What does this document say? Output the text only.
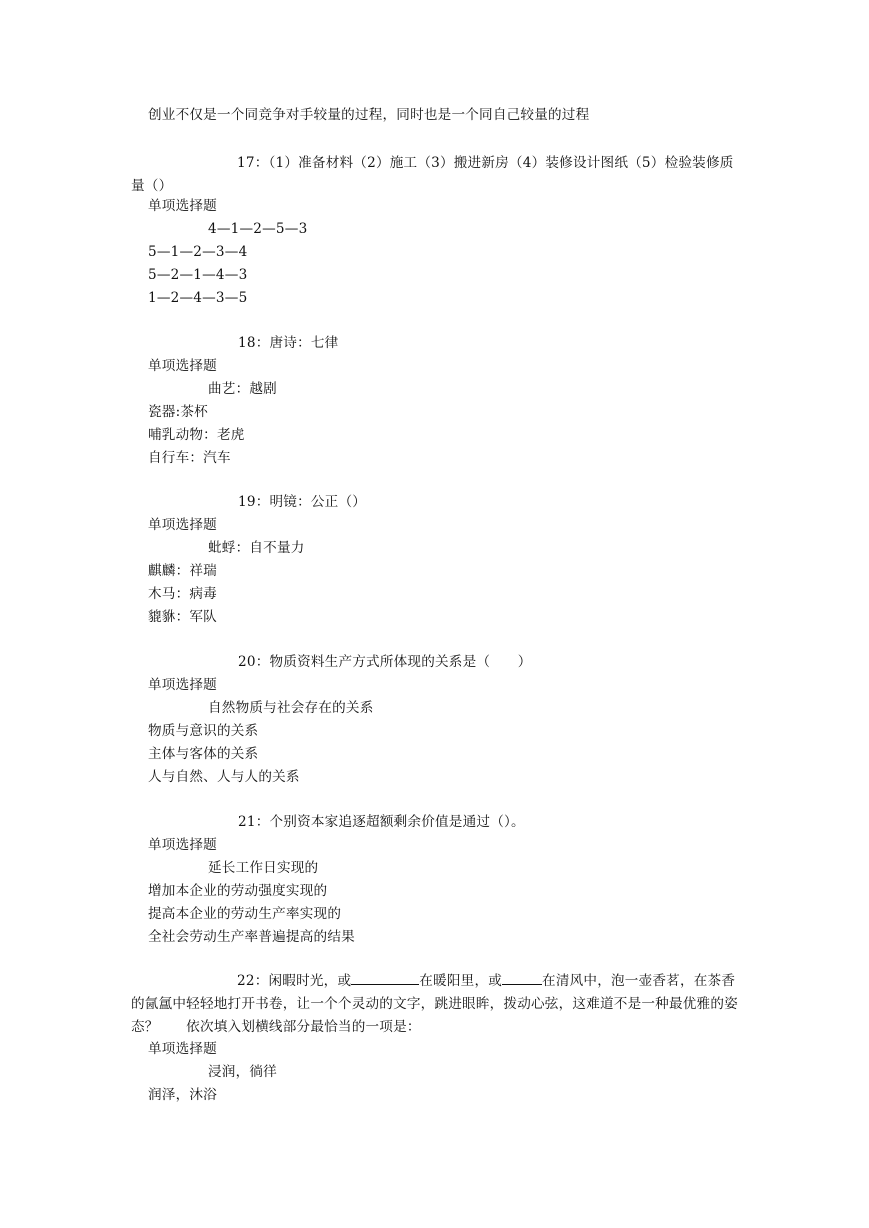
创业不仅是一个同竞争对手较量的过程，同时也是一个同自己较量的过程
17：（1）准备材料（2）施工（3）搬进新房（4）装修设计图纸（5）检验装修质量（）
单项选择题
4—1—2—5—3
5—1—2—3—4
5—2—1—4—3
1—2—4—3—5
18：唐诗：七律
单项选择题
曲艺：越剧
瓷器:茶杯
哺乳动物：老虎
自行车：汽车
19：明镜：公正（）
单项选择题
蚍蜉：自不量力
麒麟：祥瑞
木马：病毒
貔貅：军队
20：物质资料生产方式所体现的关系是（　　）
单项选择题
自然物质与社会存在的关系
物质与意识的关系
主体与客体的关系
人与自然、人与人的关系
21：个别资本家追逐超额剩余价值是通过（）。
单项选择题
延长工作日实现的
增加本企业的劳动强度实现的
提高本企业的劳动生产率实现的
全社会劳动生产率普遍提高的结果
22：闲暇时光，或	在暖阳里，或	在清风中，泡一壶香茗，在茶香的氤氲中轻轻地打开书卷，让一个个灵动的文字，跳进眼眸，拨动心弦，这难道不是一种最优雅的姿态？　　依次填入划横线部分最恰当的一项是：
单项选择题
浸润，徜徉
润泽，沐浴
